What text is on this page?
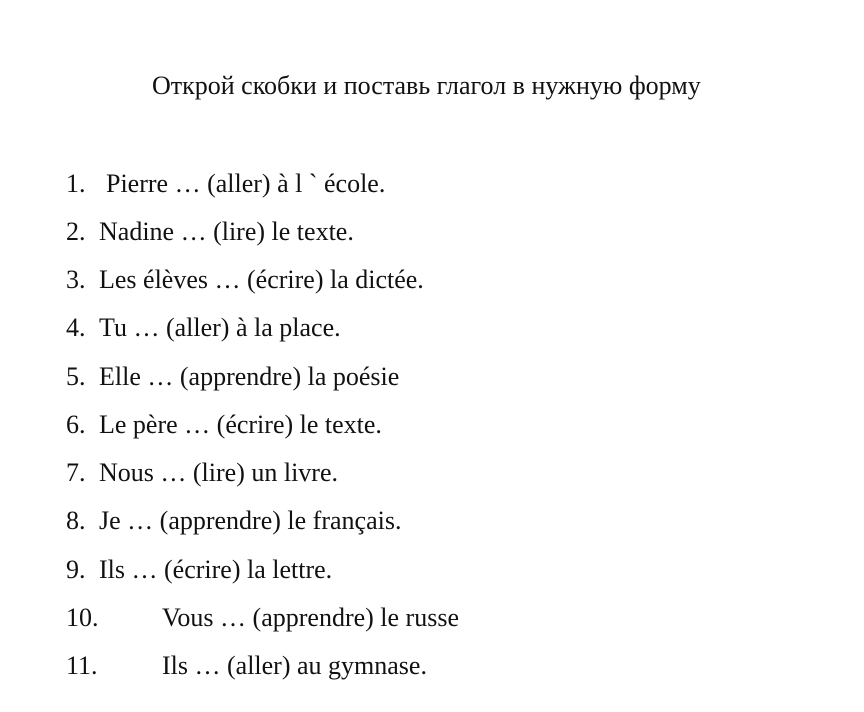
Открой скобки и поставь глагол в нужную форму
1. Pierre … (aller) à l ` école.
2. Nadine … (lire) le texte.
3. Les élèves … (écrire) la dictée.
4. Tu … (aller) à la place.
5. Elle … (apprendre) la poésie
6. Le père … (écrire) le texte.
7. Nous … (lire) un livre.
8. Je … (apprendre) le français.
9. Ils … (écrire) la lettre.
10. Vous … (apprendre) le russe
11. Ils … (aller) au gymnase.
